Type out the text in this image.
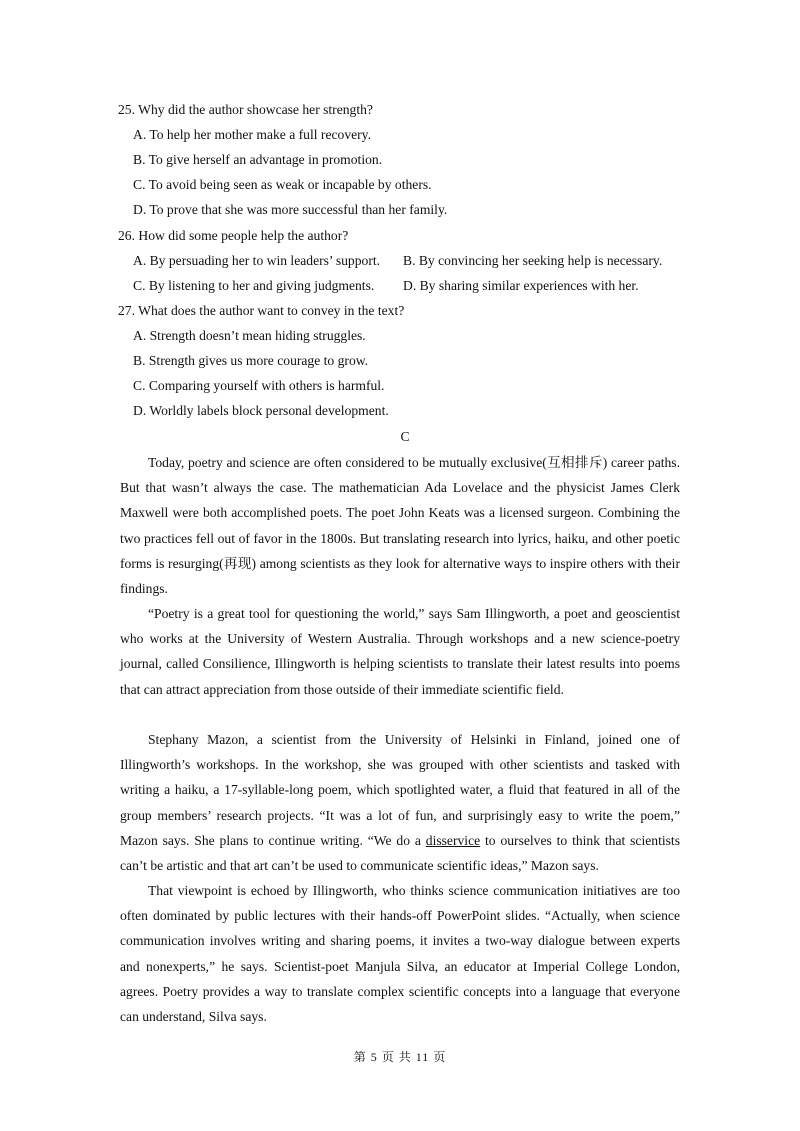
25. Why did the author showcase her strength?
A. To help her mother make a full recovery.
B. To give herself an advantage in promotion.
C. To avoid being seen as weak or incapable by others.
D. To prove that she was more successful than her family.
26. How did some people help the author?
A. By persuading her to win leaders’ support. B. By convincing her seeking help is necessary.
C. By listening to her and giving judgments. D. By sharing similar experiences with her.
27. What does the author want to convey in the text?
A. Strength doesn’t mean hiding struggles.
B. Strength gives us more courage to grow.
C. Comparing yourself with others is harmful.
D. Worldly labels block personal development.
C
Today, poetry and science are often considered to be mutually exclusive(互相排斥) career paths. But that wasn’t always the case. The mathematician Ada Lovelace and the physicist James Clerk Maxwell were both accomplished poets. The poet John Keats was a licensed surgeon. Combining the two practices fell out of favor in the 1800s. But translating research into lyrics, haiku, and other poetic forms is resurging(再现) among scientists as they look for alternative ways to inspire others with their findings.
“Poetry is a great tool for questioning the world,” says Sam Illingworth, a poet and geoscientist who works at the University of Western Australia. Through workshops and a new science-poetry journal, called Consilience, Illingworth is helping scientists to translate their latest results into poems that can attract appreciation from those outside of their immediate scientific field.
Stephany Mazon, a scientist from the University of Helsinki in Finland, joined one of Illingworth’s workshops. In the workshop, she was grouped with other scientists and tasked with writing a haiku, a 17-syllable-long poem, which spotlighted water, a fluid that featured in all of the group members’ research projects. “It was a lot of fun, and surprisingly easy to write the poem,” Mazon says. She plans to continue writing. “We do a disservice to ourselves to think that scientists can’t be artistic and that art can’t be used to communicate scientific ideas,” Mazon says.
That viewpoint is echoed by Illingworth, who thinks science communication initiatives are too often dominated by public lectures with their hands-off PowerPoint slides. “Actually, when science communication involves writing and sharing poems, it invites a two-way dialogue between experts and nonexperts,” he says. Scientist-poet Manjula Silva, an educator at Imperial College London, agrees. Poetry provides a way to translate complex scientific concepts into a language that everyone can understand, Silva says.
第 5 页 共 11 页
